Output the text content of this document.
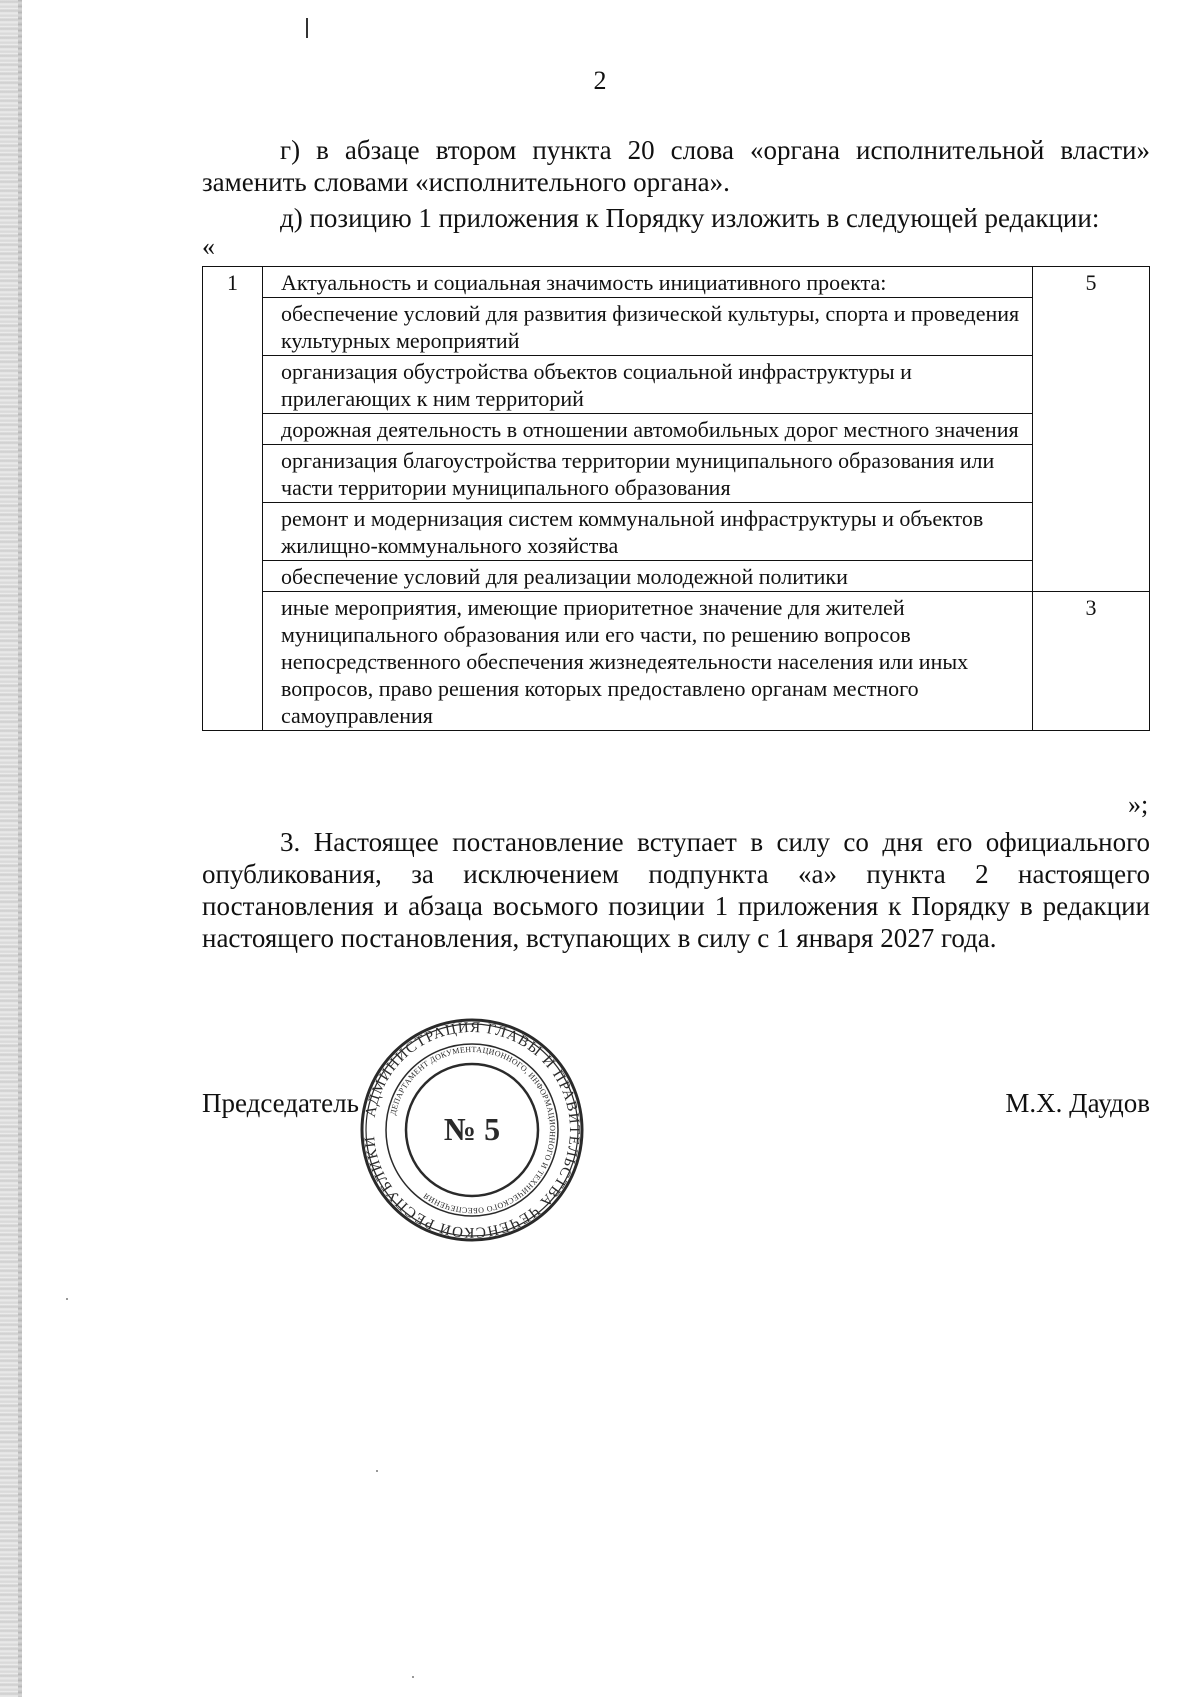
2
г) в абзаце втором пункта 20 слова «органа исполнительной власти» заменить словами «исполнительного органа».
д) позицию 1 приложения к Порядку изложить в следующей редакции:
«
1	Актуальность и социальная значимость инициативного проекта:	5
	обеспечение условий для развития физической культуры, спорта и проведения культурных мероприятий	
	организация обустройства объектов социальной инфраструктуры и прилегающих к ним территорий	
	дорожная деятельность в отношении автомобильных дорог местного значения	
	организация благоустройства территории муниципального образования или части территории муниципального образования	
	ремонт и модернизация систем коммунальной инфраструктуры и объектов жилищно-коммунального хозяйства	
	обеспечение условий для реализации молодежной политики	
	иные мероприятия, имеющие приоритетное значение для жителей муниципального образования или его части, по решению вопросов непосредственного обеспечения жизнедеятельности населения или иных вопросов, право решения которых предоставлено органам местного самоуправления	3
»;
3. Настоящее постановление вступает в силу со дня его официального опубликования, за исключением подпункта «а» пункта 2 настоящего постановления и абзаца восьмого позиции 1 приложения к Порядку в редакции настоящего постановления, вступающих в силу с 1 января 2027 года.
Председатель АДМИНИСТРАЦИЯ ГЛАВЫ И ПРАВИТЕЛЬСТВА ЧЕЧЕНСКОЙ РЕСПУБЛИКИ
ДЕПАРТАМЕНТ ДОКУМЕНТАЦИОННОГО, ИНФОРМАЦИОННОГО И ТЕХНИЧЕСКОГО ОБЕСПЕЧЕНИЯ
№ 5
М.Х. Даудов
